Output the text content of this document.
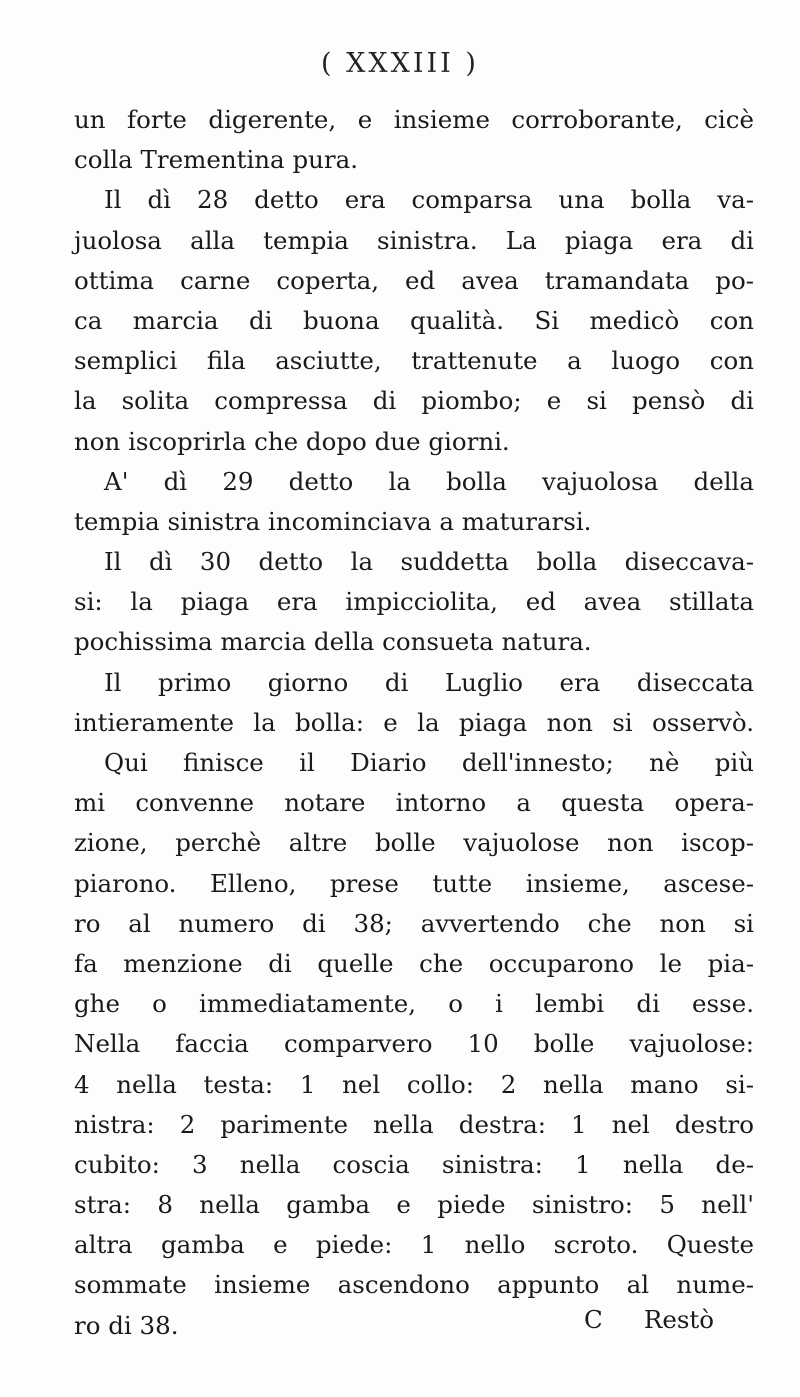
( XXXIII )
un forte digerente, e insieme corroborante, cicè
colla Trementina pura.
Il dì 28 detto era comparsa una bolla va-
juolosa alla tempia sinistra. La piaga era di
ottima carne coperta, ed avea tramandata po-
ca marcia di buona qualità. Si medicò con
semplici fila asciutte, trattenute a luogo con
la solita compressa di piombo; e si pensò di
non iscoprirla che dopo due giorni.
A' dì 29 detto la bolla vajuolosa della
tempia sinistra incominciava a maturarsi.
Il dì 30 detto la suddetta bolla diseccava-
si: la piaga era impicciolita, ed avea stillata
pochissima marcia della consueta natura.
Il primo giorno di Luglio era diseccata
intieramente la bolla: e la piaga non si osservò.
Qui finisce il Diario dell'innesto; nè più
mi convenne notare intorno a questa opera-
zione, perchè altre bolle vajuolose non iscop-
piarono. Elleno, prese tutte insieme, ascese-
ro al numero di 38; avvertendo che non si
fa menzione di quelle che occuparono le pia-
ghe o immediatamente, o i lembi di esse.
Nella faccia comparvero 10 bolle vajuolose:
4 nella testa: 1 nel collo: 2 nella mano si-
nistra: 2 parimente nella destra: 1 nel destro
cubito: 3 nella coscia sinistra: 1 nella de-
stra: 8 nella gamba e piede sinistro: 5 nell'
altra gamba e piede: 1 nello scroto. Queste
sommate insieme ascendono appunto al nume-
ro di 38.	C Restò
